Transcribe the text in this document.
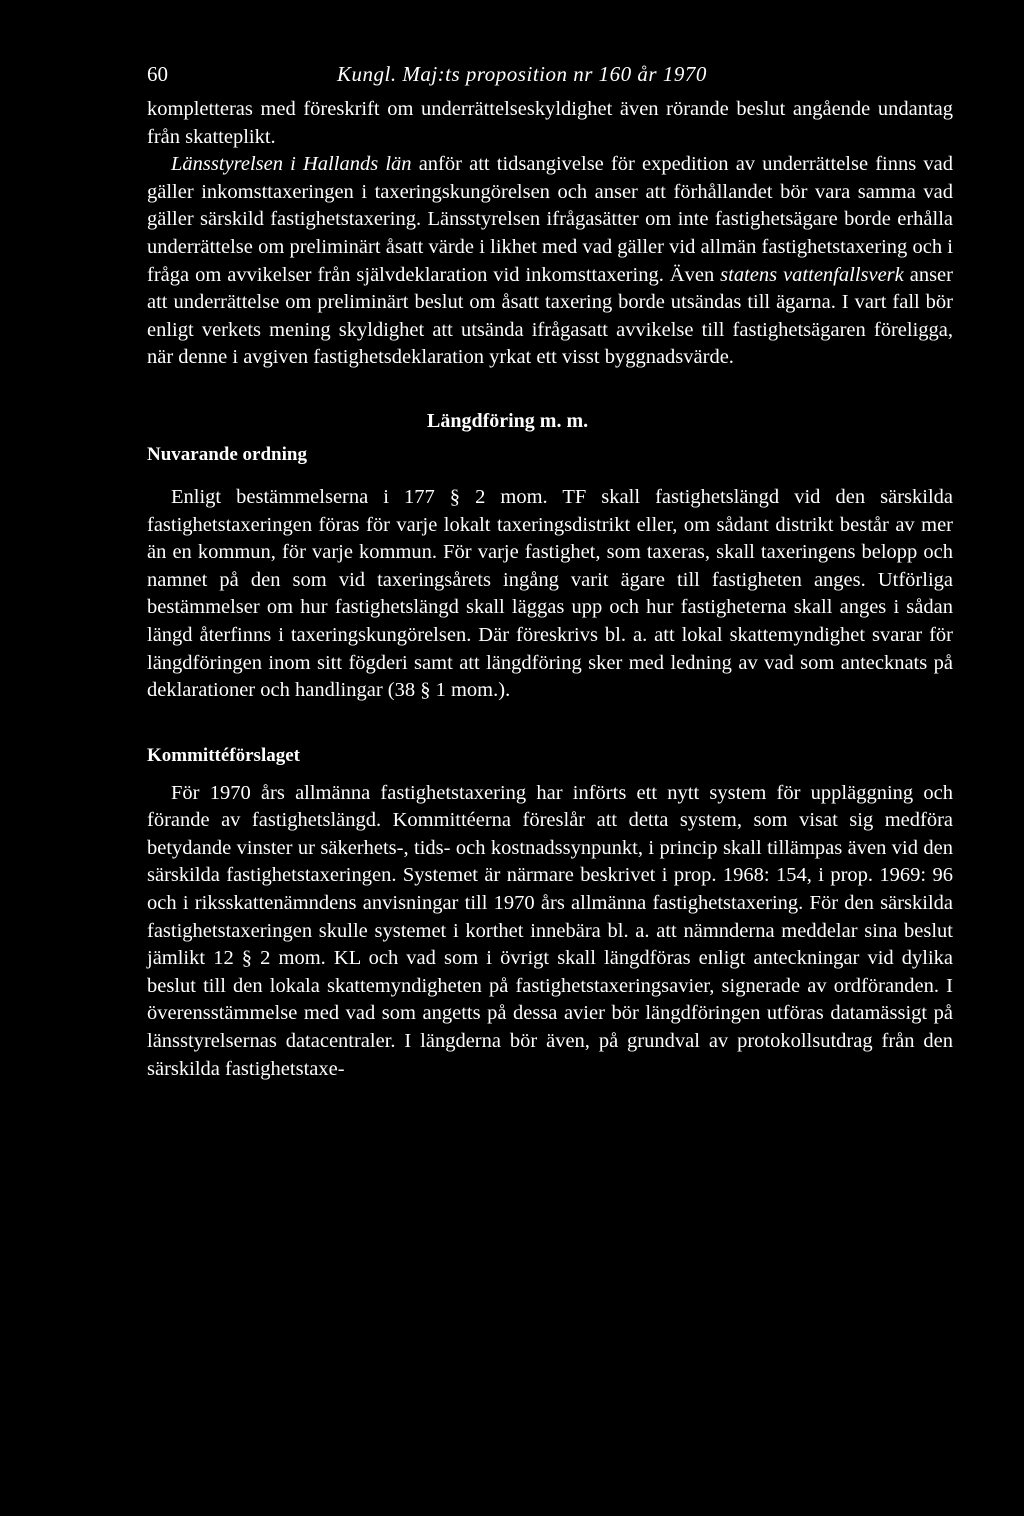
60	Kungl. Maj:ts proposition nr 160 år 1970

kompletteras med föreskrift om underrättelseskyldighet även rörande beslut angående undantag från skatteplikt.

Länsstyrelsen i Hallands län anför att tidsangivelse för expedition av underrättelse finns vad gäller inkomsttaxeringen i taxeringskungörelsen och anser att förhållandet bör vara samma vad gäller särskild fastighetstaxering. Länsstyrelsen ifrågasätter om inte fastighetsägare borde erhålla underrättelse om preliminärt åsatt värde i likhet med vad gäller vid allmän fastighetstaxering och i fråga om avvikelser från självdeklaration vid inkomsttaxering. Även statens vattenfallsverk anser att underrättelse om preliminärt beslut om åsatt taxering borde utsändas till ägarna. I vart fall bör enligt verkets mening skyldighet att utsända ifrågasatt avvikelse till fastighetsägaren föreligga, när denne i avgiven fastighetsdeklaration yrkat ett visst byggnadsvärde.

Längdföring m. m.
Nuvarande ordning

Enligt bestämmelserna i 177 § 2 mom. TF skall fastighetslängd vid den särskilda fastighetstaxeringen föras för varje lokalt taxeringsdistrikt eller, om sådant distrikt består av mer än en kommun, för varje kommun. För varje fastighet, som taxeras, skall taxeringens belopp och namnet på den som vid taxeringsårets ingång varit ägare till fastigheten anges. Utförliga bestämmelser om hur fastighetslängd skall läggas upp och hur fastigheterna skall anges i sådan längd återfinns i taxeringskungörelsen. Där föreskrivs bl. a. att lokal skattemyndighet svarar för längdföringen inom sitt fögderi samt att längdföring sker med ledning av vad som antecknats på deklarationer och handlingar (38 § 1 mom.).

Kommittéförslaget

För 1970 års allmänna fastighetstaxering har införts ett nytt system för uppläggning och förande av fastighetslängd. Kommittéerna föreslår att detta system, som visat sig medföra betydande vinster ur säkerhets-, tids- och kostnadssynpunkt, i princip skall tillämpas även vid den särskilda fastighetstaxeringen. Systemet är närmare beskrivet i prop. 1968: 154, i prop. 1969: 96 och i riksskattenämndens anvisningar till 1970 års allmänna fastighetstaxering. För den särskilda fastighetstaxeringen skulle systemet i korthet innebära bl. a. att nämnderna meddelar sina beslut jämlikt 12 § 2 mom. KL och vad som i övrigt skall längdföras enligt anteckningar vid dylika beslut till den lokala skattemyndigheten på fastighetstaxeringsavier, signerade av ordföranden. I överensstämmelse med vad som angetts på dessa avier bör längdföringen utföras datamässigt på länsstyrelsernas datacentraler. I längderna bör även, på grundval av protokollsutdrag från den särskilda fastighetstaxe-
